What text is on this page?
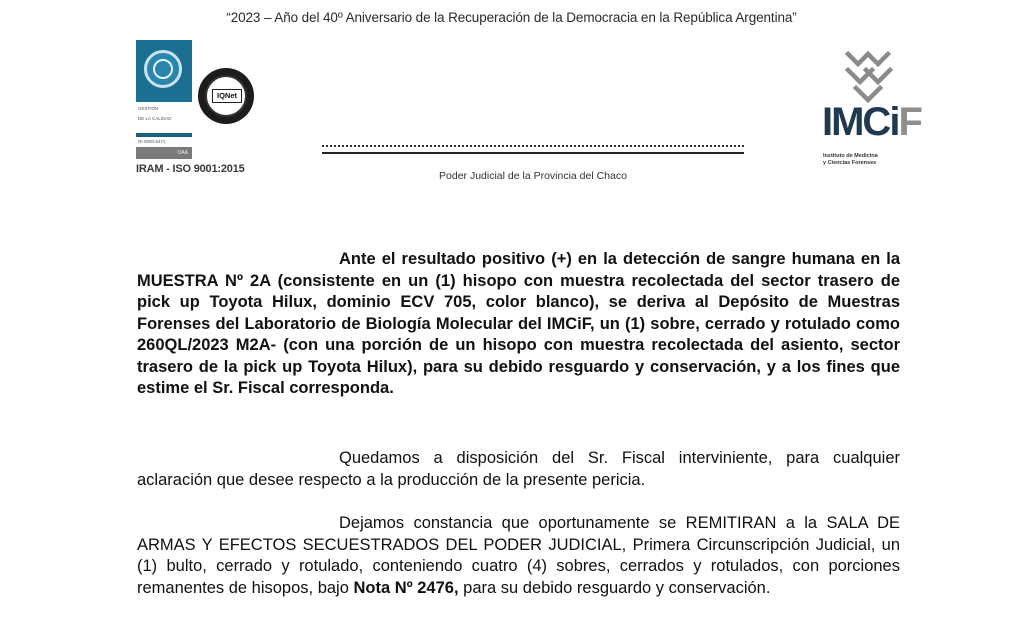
“2023 – Año del 40º Aniversario de la Recuperación de la Democracia en la República Argentina”
GESTION
DE LA CALIDAD
RI-9000-6471
OAA
IRAM - ISO 9001:2015
IQNet
Poder Judicial de la Provincia del Chaco
IMCiF
Instituto de Medicina
y Ciencias Forenses
Ante el resultado positivo (+) en la detección de sangre humana en la MUESTRA Nº 2A (consistente en un (1) hisopo con muestra recolectada del sector trasero de pick up Toyota Hilux, dominio ECV 705, color blanco), se deriva al Depósito de Muestras Forenses del Laboratorio de Biología Molecular del IMCiF, un (1) sobre, cerrado y rotulado como 260QL/2023 M2A- (con una porción de un hisopo con muestra recolectada del asiento, sector trasero de la pick up Toyota Hilux), para su debido resguardo y conservación, y a los fines que estime el Sr. Fiscal corresponda.
Quedamos a disposición del Sr. Fiscal interviniente, para cualquier aclaración que desee respecto a la producción de la presente pericia.
Dejamos constancia que oportunamente se REMITIRAN a la SALA DE ARMAS Y EFECTOS SECUESTRADOS DEL PODER JUDICIAL, Primera Circunscripción Judicial, un (1) bulto, cerrado y rotulado, conteniendo cuatro (4) sobres, cerrados y rotulados, con porciones remanentes de hisopos, bajo Nota Nº 2476, para su debido resguardo y conservación.
